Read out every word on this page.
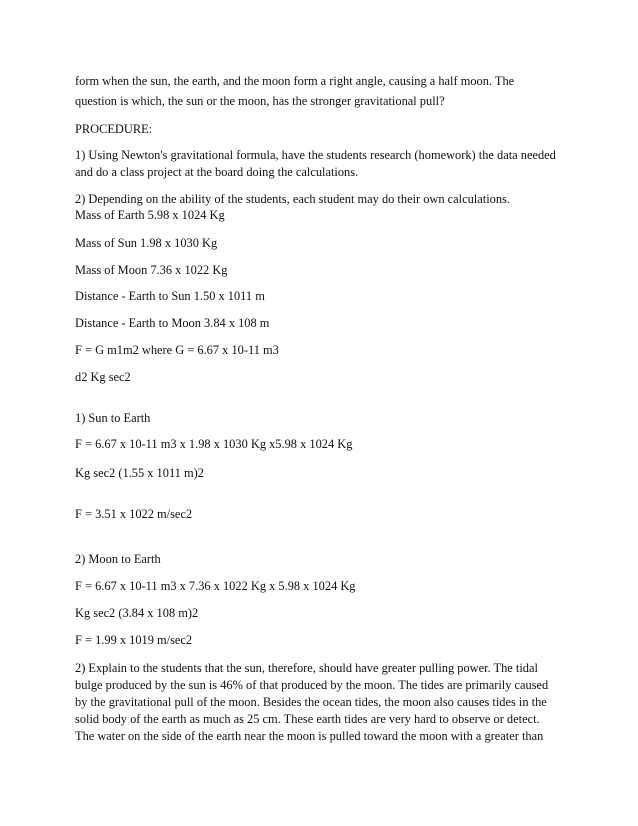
form when the sun, the earth, and the moon form a right angle, causing a half moon. The
question is which, the sun or the moon, has the stronger gravitational pull?
PROCEDURE:
1) Using Newton's gravitational formula, have the students research (homework) the data needed
and do a class project at the board doing the calculations.
2) Depending on the ability of the students, each student may do their own calculations.
Mass of Earth 5.98 x 1024 Kg
Mass of Sun 1.98 x 1030 Kg
Mass of Moon 7.36 x 1022 Kg
Distance - Earth to Sun 1.50 x 1011 m
Distance - Earth to Moon 3.84 x 108 m
F = G m1m2 where G = 6.67 x 10-11 m3
d2 Kg sec2
1) Sun to Earth
F = 6.67 x 10-11 m3 x 1.98 x 1030 Kg x5.98 x 1024 Kg
Kg sec2 (1.55 x 1011 m)2
F = 3.51 x 1022 m/sec2
2) Moon to Earth
F = 6.67 x 10-11 m3 x 7.36 x 1022 Kg x 5.98 x 1024 Kg
Kg sec2 (3.84 x 108 m)2
F = 1.99 x 1019 m/sec2
2) Explain to the students that the sun, therefore, should have greater pulling power. The tidal
bulge produced by the sun is 46% of that produced by the moon. The tides are primarily caused
by the gravitational pull of the moon. Besides the ocean tides, the moon also causes tides in the
solid body of the earth as much as 25 cm. These earth tides are very hard to observe or detect.
The water on the side of the earth near the moon is pulled toward the moon with a greater than
